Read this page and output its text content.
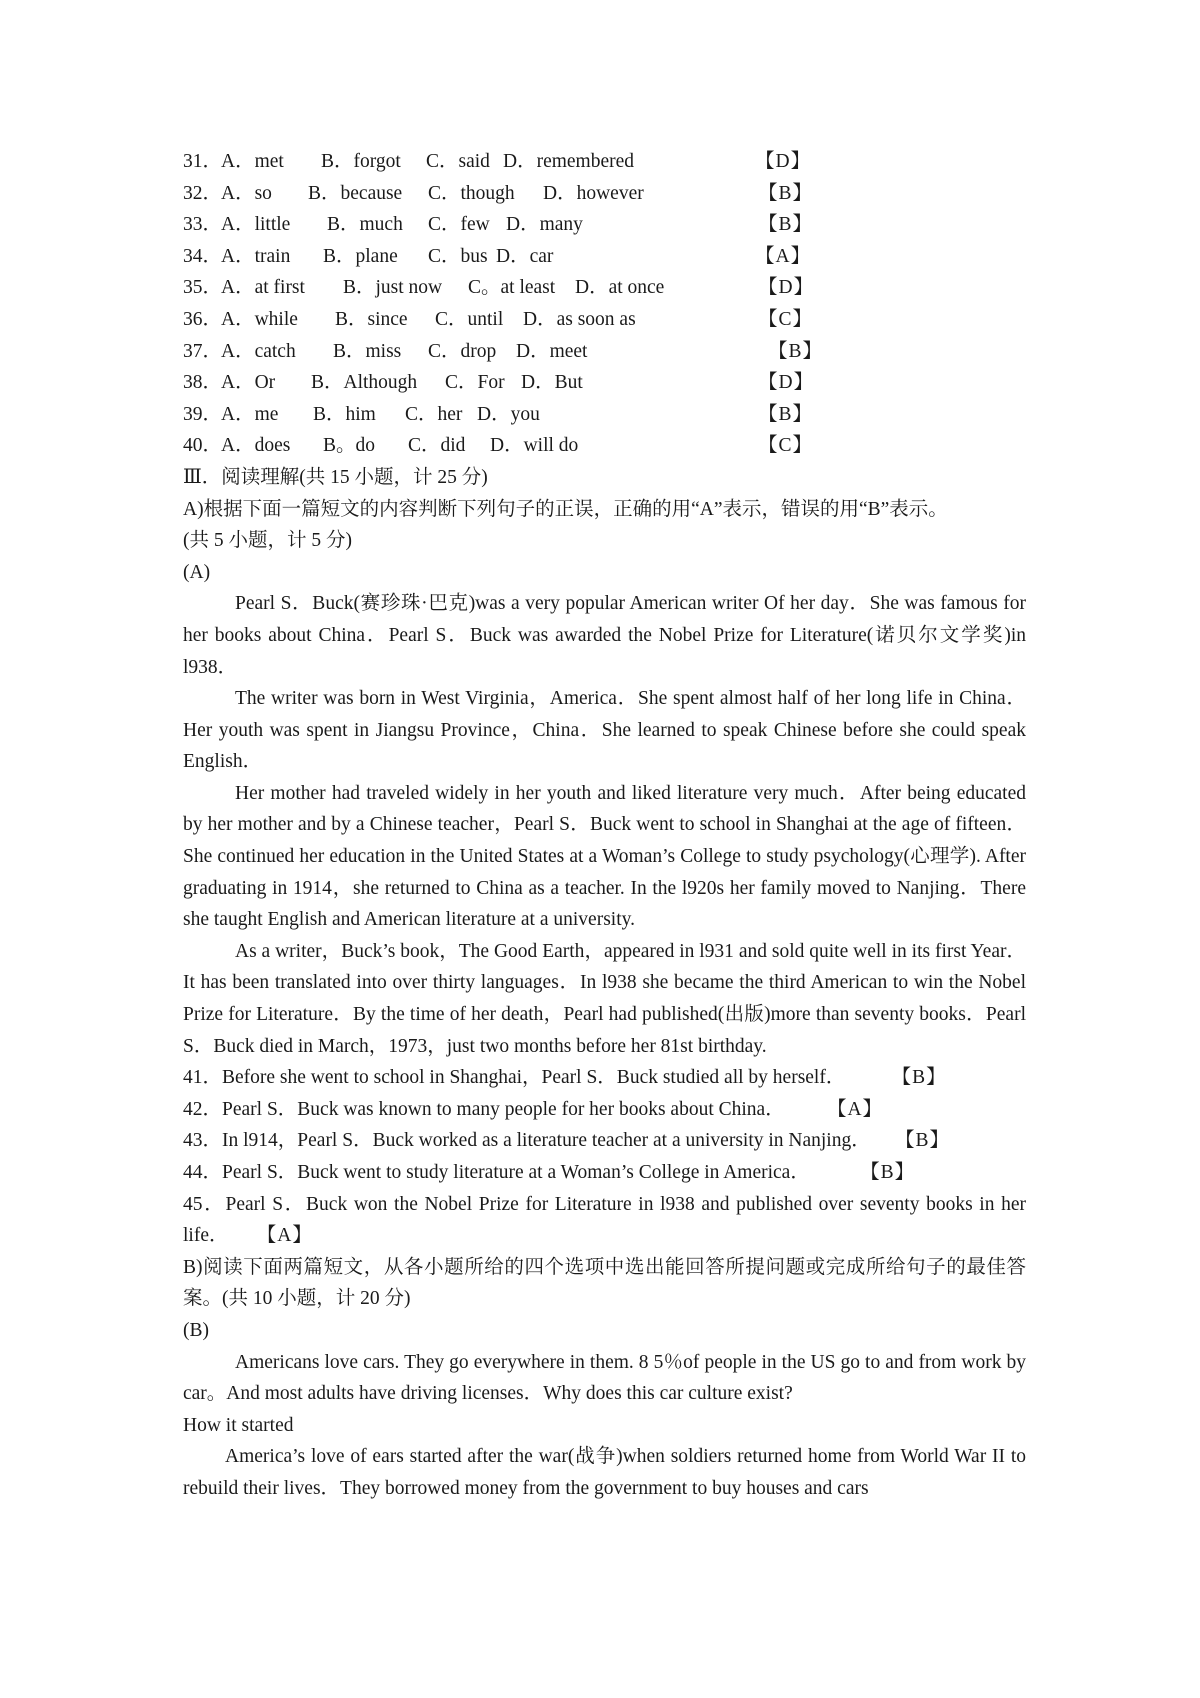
31．
A．met B．forgot C．said D．remembered	【D】
32．
A．so B．because C．though D．however	【B】
33．
A．little B．much C．few D．many	【B】
34．
A．train B．plane C．bus D．car	【A】
35．
A．at first B．just now C。at least D．at once	【D】
36．
A．while B．since C．until D．as soon as	【C】
37．
A．catch B．miss C．drop D．meet	【B】
38．
A．Or B．Although C．For D．But	【D】
39．
A．me B．him C．her D．you	【B】
40．
A．does B。do C．did D．will do	【C】
Ⅲ．阅读理解(共 15 小题，计 25 分)

A)根据下面一篇短文的内容判断下列句子的正误，正确的用“A”表示，错误的用“B”表示。

(共 5 小题，计 5 分)
(A)

Pearl S．Buck(赛珍珠·巴克)was a very popular American writer Of her day．She was famous for her books about China．Pearl S．Buck was awarded the Nobel Prize for Literature(诺贝尔文学奖)in l938．

The writer was born in West Virginia，America．She spent almost half of her long life in China．Her youth was spent in Jiangsu Province，China．She learned to speak Chinese before she could speak English．

Her mother had traveled widely in her youth and liked literature very much．After being educated by her mother and by a Chinese teacher，Pearl S．Buck went to school in Shanghai at the age of fifteen．She continued her education in the United States at a Woman’s College to study psychology(心理学). After graduating in 1914，she returned to China as a teacher. In the l920s her family moved to Nanjing．There she taught English and American literature at a university.

As a writer，Buck’s book，The Good Earth，appeared in l931 and sold quite well in its first Year．It has been translated into over thirty languages．In l938 she became the third American to win the Nobel Prize for Literature．By the time of her death，Pearl had published(出版)more than seventy books．Pearl S．Buck died in March，1973，just two months before her 81st birthday.

41．Before she went to school in Shanghai，Pearl S．Buck studied all by herself．	【B】
42．Pearl S．Buck was known to many people for her books about China．	【A】
43．In l914，Pearl S．Buck worked as a literature teacher at a university in Nanjing． 【B】
44．Pearl S．Buck went to study literature at a Woman’s College in America．	【B】

45．Pearl S．Buck won the Nobel Prize for Literature in l938 and published over seventy books in her life． 【A】

B)阅读下面两篇短文，从各小题所给的四个选项中选出能回答所提问题或完成所给句子的最佳答案。(共 10 小题，计 20 分)

(B)

Americans love cars. They go everywhere in them. 8 5％of people in the US go to and from work by car。And most adults have driving licenses．Why does this car culture exist?

How it started

America’s love of ears started after the war(战争)when soldiers returned home from World War II to rebuild their lives．They borrowed money from the government to buy houses and cars
